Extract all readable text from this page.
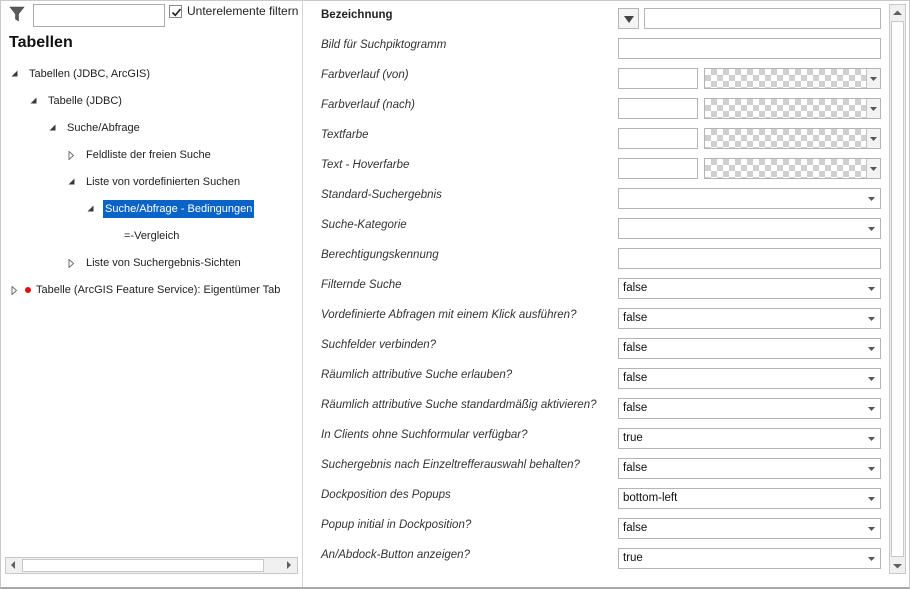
Unterelemente filtern
Tabellen
Tabellen (JDBC, ArcGIS)
Tabelle (JDBC)
Suche/Abfrage
Feldliste der freien Suche
Liste von vordefinierten Suchen
Suche/Abfrage - Bedingungen
=-Vergleich
Liste von Suchergebnis-Sichten
Tabelle (ArcGIS Feature Service): Eigentümer Tab
Bezeichnung
Bild für Suchpiktogramm
Farbverlauf (von)
Farbverlauf (nach)
Textfarbe
Text - Hoverfarbe
Standard-Suchergebnis
Suche-Kategorie
Berechtigungskennung
Filternde Suche	false
Vordefinierte Abfragen mit einem Klick ausführen?	false
Suchfelder verbinden?	false
Räumlich attributive Suche erlauben?	false
Räumlich attributive Suche standardmäßig aktivieren?	false
In Clients ohne Suchformular verfügbar?	true
Suchergebnis nach Einzeltrefferauswahl behalten?	false
Dockposition des Popups	bottom-left
Popup initial in Dockposition?	false
An/Abdock-Button anzeigen?	true
